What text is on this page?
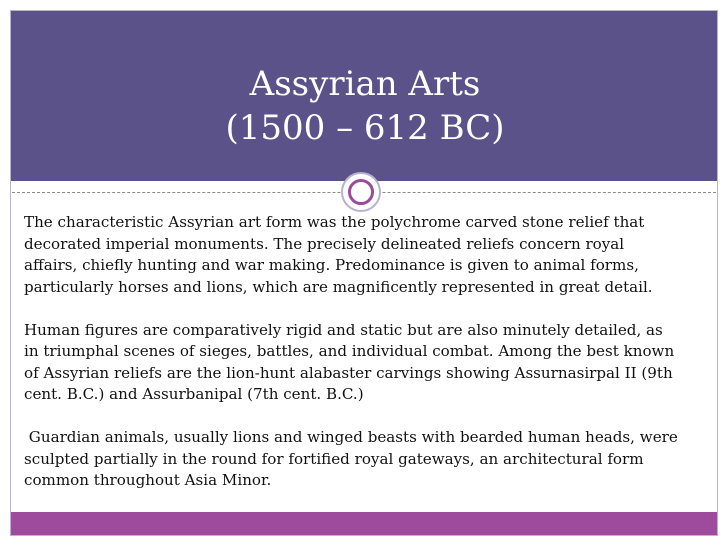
Assyrian Arts
(1500 – 612 BC)
The characteristic Assyrian art form was the polychrome carved stone relief that
decorated imperial monuments. The precisely delineated reliefs concern royal
affairs, chiefly hunting and war making. Predominance is given to animal forms,
particularly horses and lions, which are magnificently represented in great detail.
Human figures are comparatively rigid and static but are also minutely detailed, as
in triumphal scenes of sieges, battles, and individual combat. Among the best known
of Assyrian reliefs are the lion-hunt alabaster carvings showing Assurnasirpal II (9th
cent. B.C.) and Assurbanipal (7th cent. B.C.)
Guardian animals, usually lions and winged beasts with bearded human heads, were
sculpted partially in the round for fortified royal gateways, an architectural form
common throughout Asia Minor.
